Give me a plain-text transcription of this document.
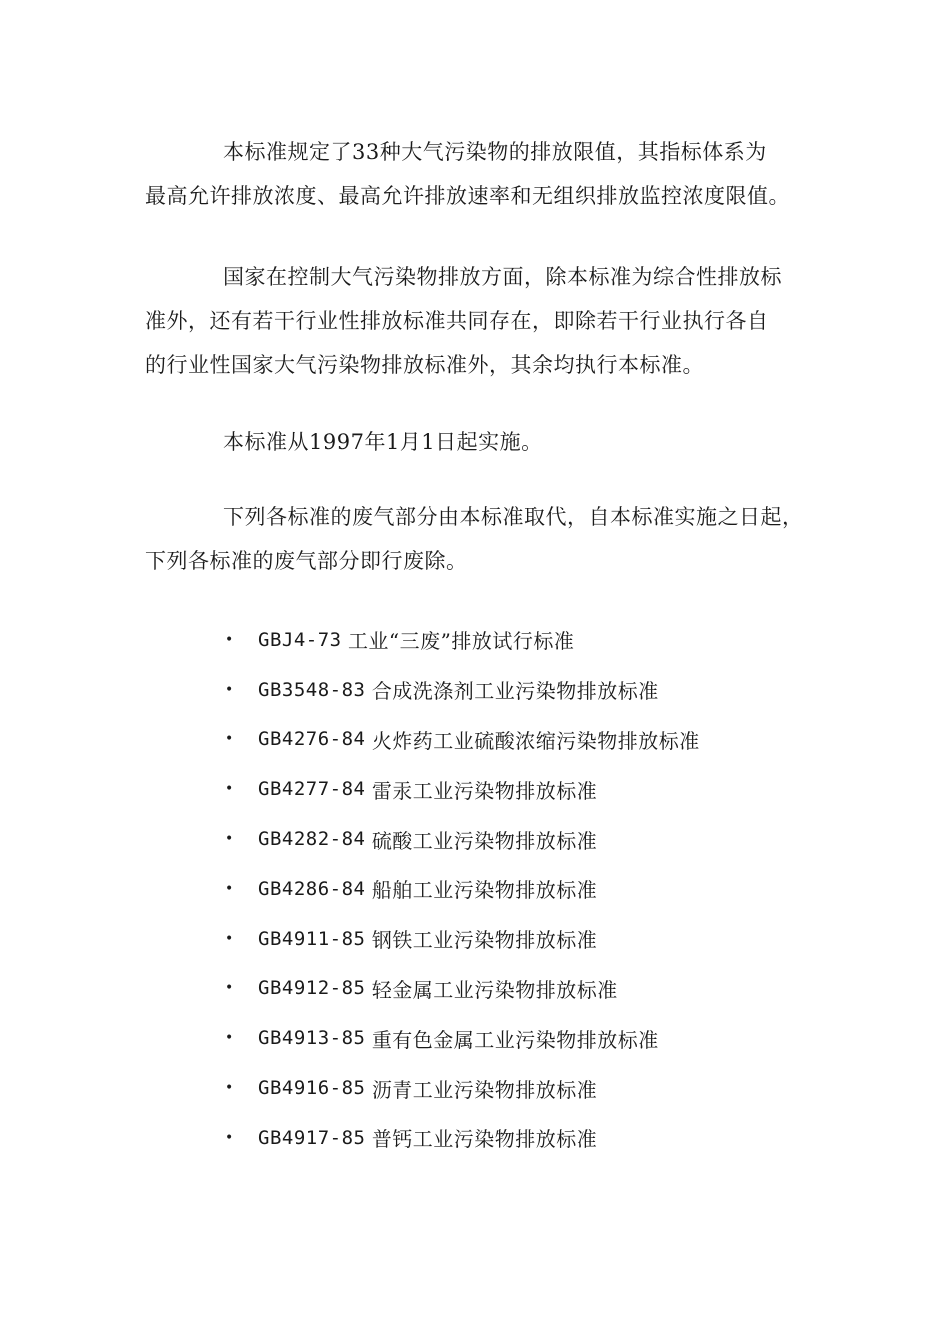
本标准规定了33种大气污染物的排放限值，其指标体系为
最高允许排放浓度、最高允许排放速率和无组织排放监控浓度限值。

国家在控制大气污染物排放方面，除本标准为综合性排放标
准外，还有若干行业性排放标准共同存在，即除若干行业执行各自
的行业性国家大气污染物排放标准外，其余均执行本标准。

本标准从1997年1月1日起实施。

下列各标准的废气部分由本标准取代，自本标准实施之日起，
下列各标准的废气部分即行废除。

•	GBJ4-73
工业“三废”排放试行标准
•	GB3548-83
合成洗涤剂工业污染物排放标准
•	GB4276-84
火炸药工业硫酸浓缩污染物排放标准
•	GB4277-84
雷汞工业污染物排放标准
•	GB4282-84
硫酸工业污染物排放标准
•	GB4286-84
船舶工业污染物排放标准
•	GB4911-85
钢铁工业污染物排放标准
•	GB4912-85
轻金属工业污染物排放标准
•	GB4913-85
重有色金属工业污染物排放标准
•	GB4916-85
沥青工业污染物排放标准
•	GB4917-85
普钙工业污染物排放标准
